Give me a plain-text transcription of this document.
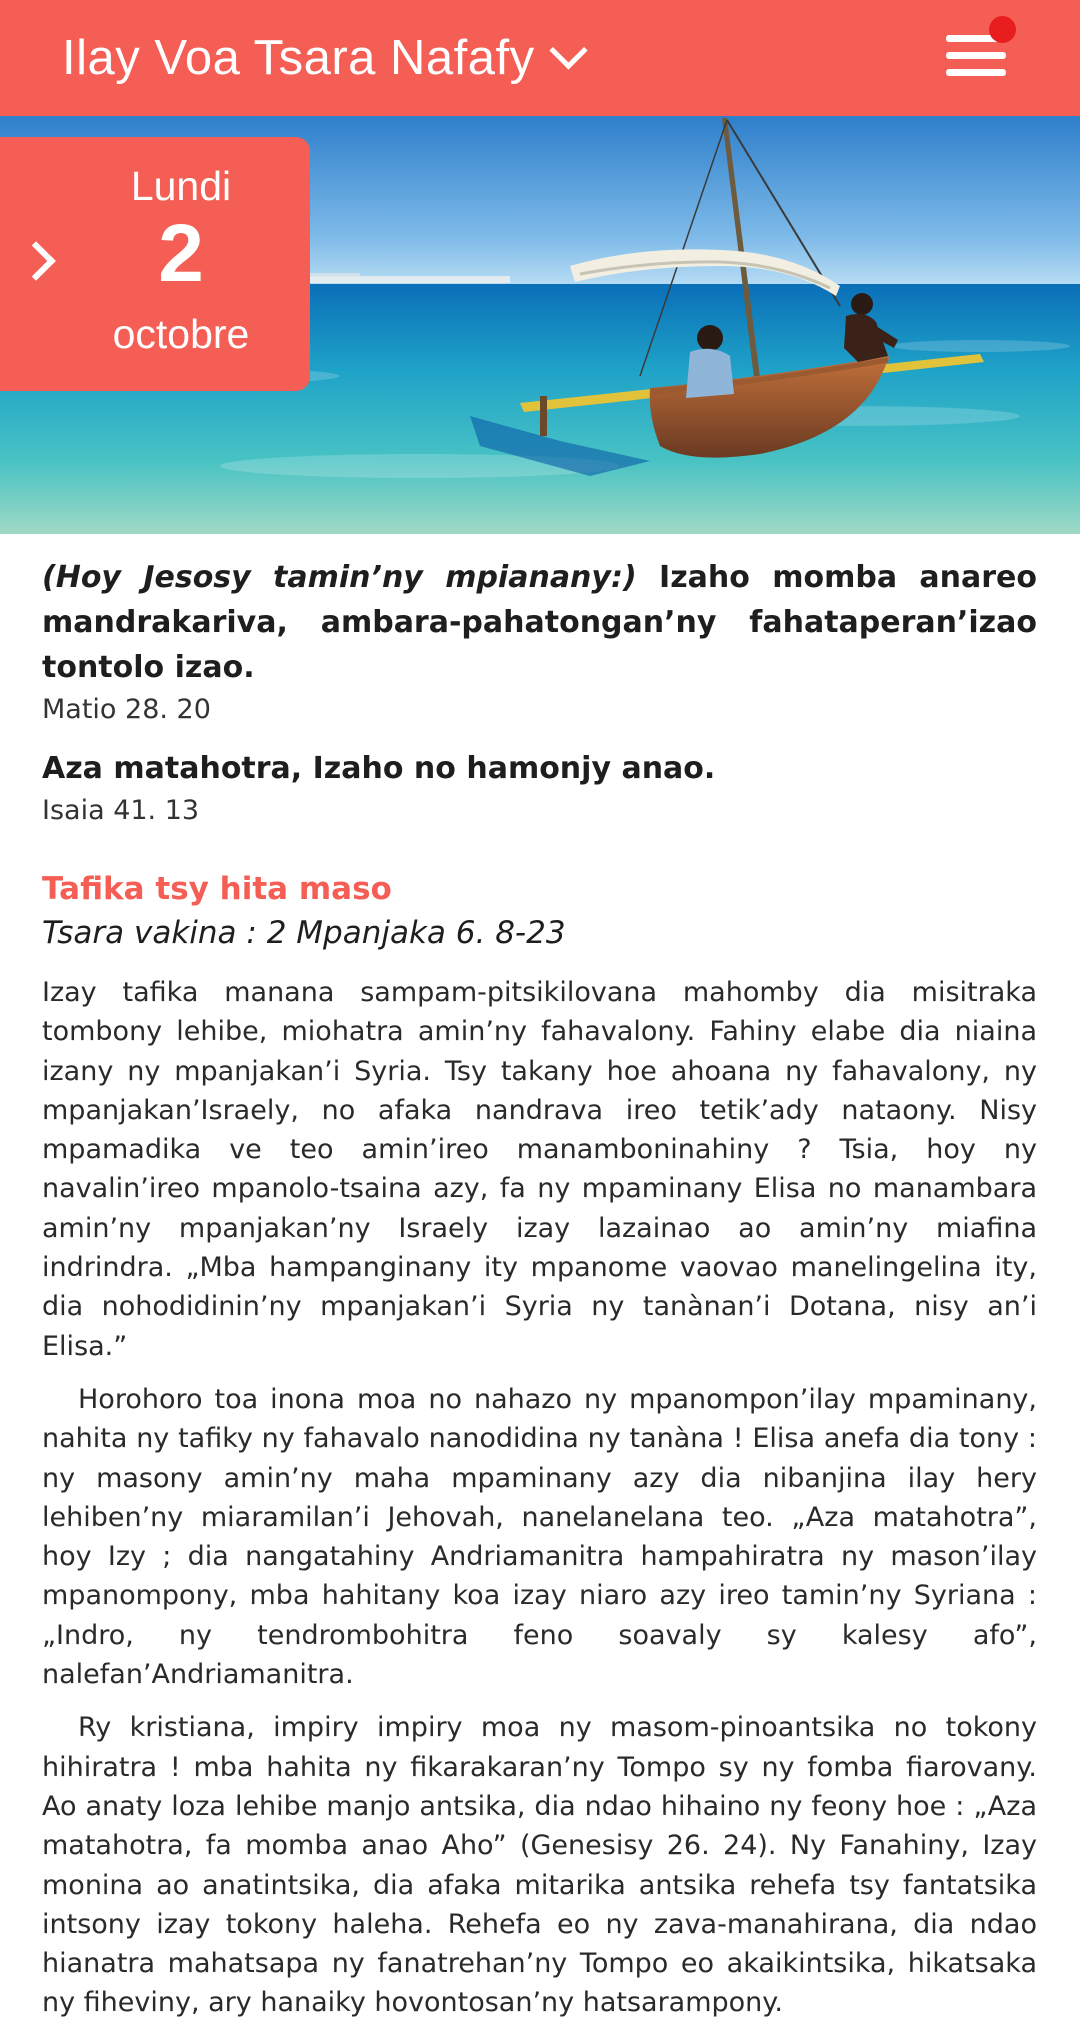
Ilay Voa Tsara Nafafy
Lundi
2
octobre

(Hoy Jesosy tamin’ny mpianany:) Izaho momba anareo mandrakariva, ambara-pahatongan’ny fahataperan’izao tontolo izao.

Matio 28. 20

Aza matahotra, Izaho no hamonjy anao.

Isaia 41. 13
Tafika tsy hita maso
Tsara vakina : 2 Mpanjaka 6. 8-23

Izay tafika manana sampam-pitsikilovana mahomby dia misitraka tombony lehibe, miohatra amin’ny fahavalony. Fahiny elabe dia niaina izany ny mpanjakan’i Syria. Tsy takany hoe ahoana ny fahavalony, ny mpanjakan’Israely, no afaka nandrava ireo tetik’ady nataony. Nisy mpamadika ve teo amin’ireo manamboninahiny ? Tsia, hoy ny navalin’ireo mpanolo-tsaina azy, fa ny mpaminany Elisa no manambara amin’ny mpanjakan’ny Israely izay lazainao ao amin’ny miafina indrindra. „Mba hampanginany ity mpanome vaovao manelingelina ity, dia nohodidinin’ny mpanjakan’i Syria ny tanànan’i Dotana, nisy an’i Elisa.”

Horohoro toa inona moa no nahazo ny mpanompon’ilay mpaminany, nahita ny tafiky ny fahavalo nanodidina ny tanàna ! Elisa anefa dia tony : ny masony amin’ny maha mpaminany azy dia nibanjina ilay hery lehiben’ny miaramilan’i Jehovah, nanelanelana teo. „Aza matahotra”, hoy Izy ; dia nangatahiny Andriamanitra hampahiratra ny mason’ilay mpanompony, mba hahitany koa izay niaro azy ireo tamin’ny Syriana : „Indro, ny tendrombohitra feno soavaly sy kalesy afo”, nalefan’Andriamanitra.

Ry kristiana, impiry impiry moa ny masom-pinoantsika no tokony hihiratra ! mba hahita ny fikarakaran’ny Tompo sy ny fomba fiarovany. Ao anaty loza lehibe manjo antsika, dia ndao hihaino ny feony hoe : „Aza matahotra, fa momba anao Aho” (Genesisy 26. 24). Ny Fanahiny, Izay monina ao anatintsika, dia afaka mitarika antsika rehefa tsy fantatsika intsony izay tokony haleha. Rehefa eo ny zava-manahirana, dia ndao hianatra mahatsapa ny fanatrehan’ny Tompo eo akaikintsika, hikatsaka ny fiheviny, ary hanaiky hovontosan’ny hatsarampony.
